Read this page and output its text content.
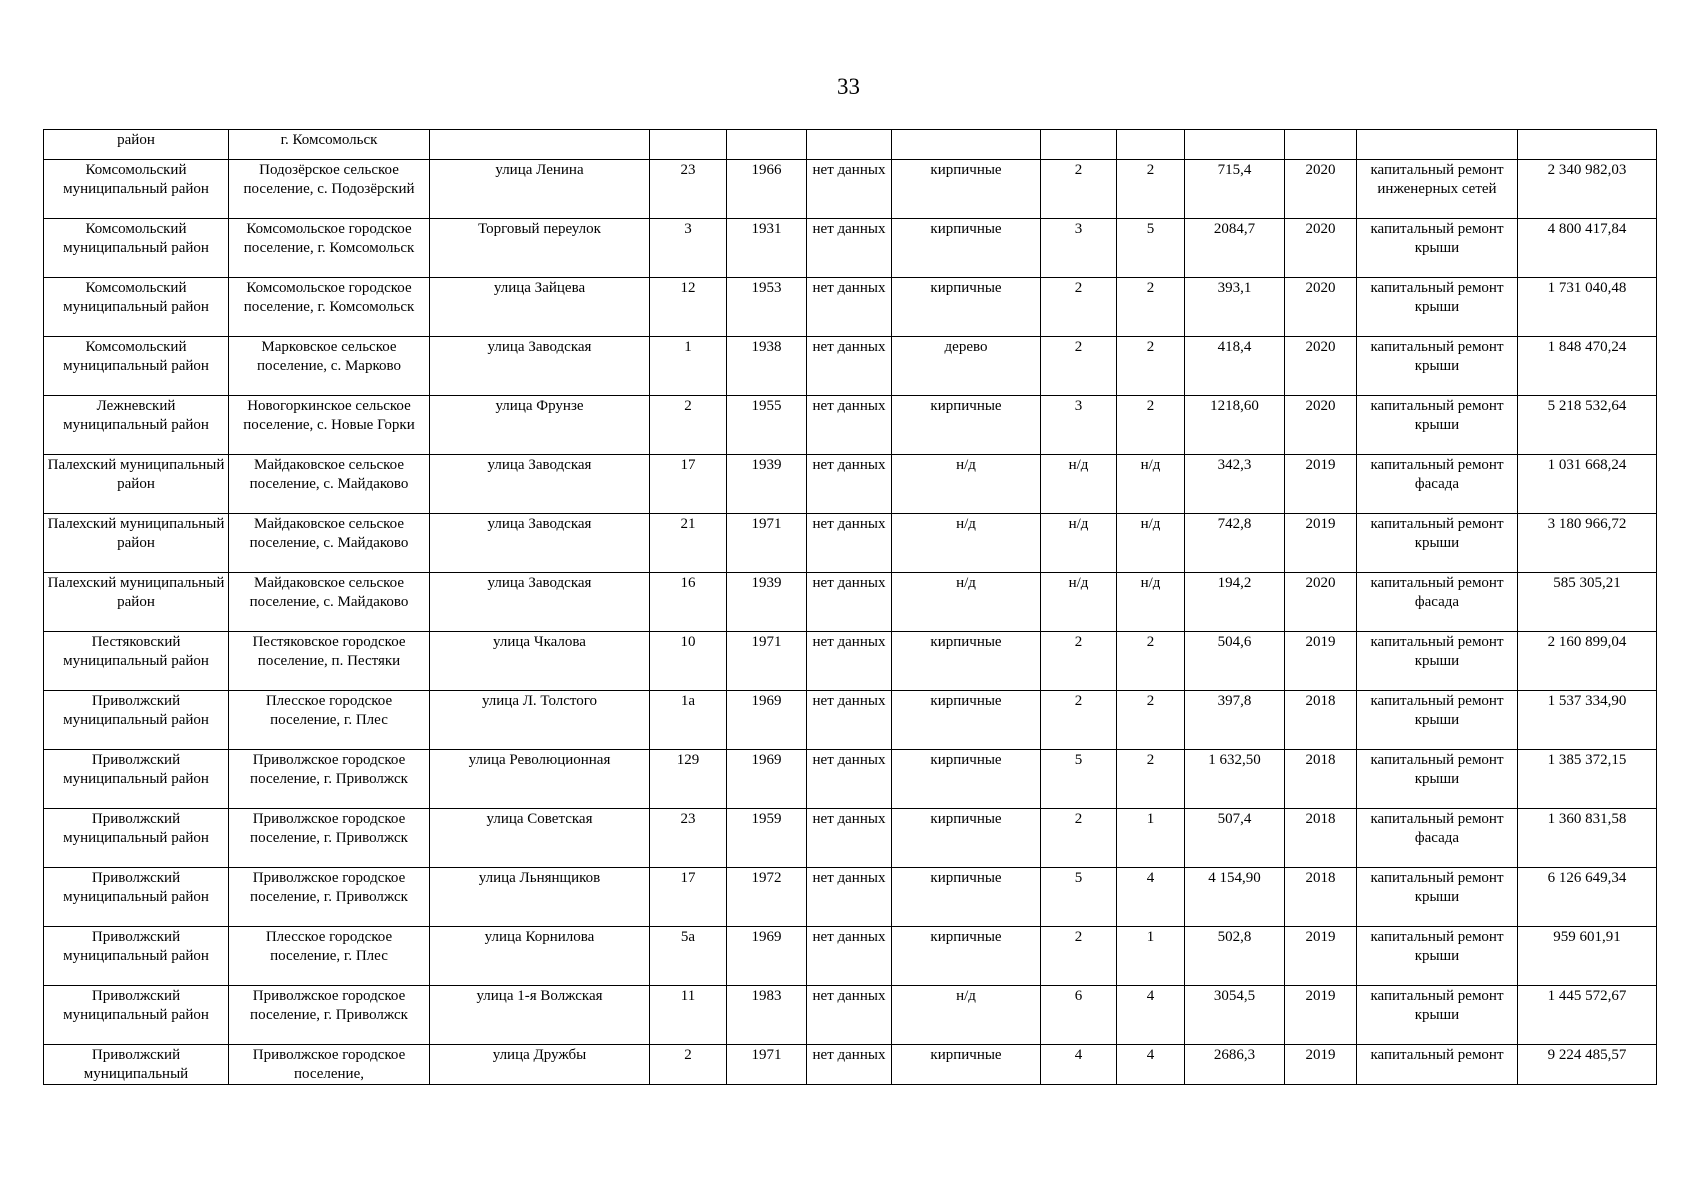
33
район	г. Комсомольск											
Комсомольский муниципальный район	Подозёрское сельское поселение, с. Подозёрский	улица Ленина	23	1966	нет данных	кирпичные	2	2	715,4	2020	капитальный ремонт инженерных сетей	2 340 982,03
Комсомольский муниципальный район	Комсомольское городское поселение, г. Комсомольск	Торговый переулок	3	1931	нет данных	кирпичные	3	5	2084,7	2020	капитальный ремонт крыши	4 800 417,84
Комсомольский муниципальный район	Комсомольское городское поселение, г. Комсомольск	улица Зайцева	12	1953	нет данных	кирпичные	2	2	393,1	2020	капитальный ремонт крыши	1 731 040,48
Комсомольский муниципальный район	Марковское сельское поселение, с. Марково	улица Заводская	1	1938	нет данных	дерево	2	2	418,4	2020	капитальный ремонт крыши	1 848 470,24
Лежневский муниципальный район	Новогоркинское сельское поселение, с. Новые Горки	улица Фрунзе	2	1955	нет данных	кирпичные	3	2	1218,60	2020	капитальный ремонт крыши	5 218 532,64
Палехский муниципальный район	Майдаковское сельское поселение, с. Майдаково	улица Заводская	17	1939	нет данных	н/д	н/д	н/д	342,3	2019	капитальный ремонт фасада	1 031 668,24
Палехский муниципальный район	Майдаковское сельское поселение, с. Майдаково	улица Заводская	21	1971	нет данных	н/д	н/д	н/д	742,8	2019	капитальный ремонт крыши	3 180 966,72
Палехский муниципальный район	Майдаковское сельское поселение, с. Майдаково	улица Заводская	16	1939	нет данных	н/д	н/д	н/д	194,2	2020	капитальный ремонт фасада	585 305,21
Пестяковский муниципальный район	Пестяковское городское поселение, п. Пестяки	улица Чкалова	10	1971	нет данных	кирпичные	2	2	504,6	2019	капитальный ремонт крыши	2 160 899,04
Приволжский муниципальный район	Плесское городское поселение, г. Плес	улица Л. Толстого	1а	1969	нет данных	кирпичные	2	2	397,8	2018	капитальный ремонт крыши	1 537 334,90
Приволжский муниципальный район	Приволжское городское поселение, г. Приволжск	улица Революционная	129	1969	нет данных	кирпичные	5	2	1 632,50	2018	капитальный ремонт крыши	1 385 372,15
Приволжский муниципальный район	Приволжское городское поселение, г. Приволжск	улица Советская	23	1959	нет данных	кирпичные	2	1	507,4	2018	капитальный ремонт фасада	1 360 831,58
Приволжский муниципальный район	Приволжское городское поселение, г. Приволжск	улица Льнянщиков	17	1972	нет данных	кирпичные	5	4	4 154,90	2018	капитальный ремонт крыши	6 126 649,34
Приволжский муниципальный район	Плесское городское поселение, г. Плес	улица Корнилова	5а	1969	нет данных	кирпичные	2	1	502,8	2019	капитальный ремонт крыши	959 601,91
Приволжский муниципальный район	Приволжское городское поселение, г. Приволжск	улица 1-я Волжская	11	1983	нет данных	н/д	6	4	3054,5	2019	капитальный ремонт крыши	1 445 572,67
Приволжский муниципальный	Приволжское городское поселение,	улица Дружбы	2	1971	нет данных	кирпичные	4	4	2686,3	2019	капитальный ремонт	9 224 485,57
